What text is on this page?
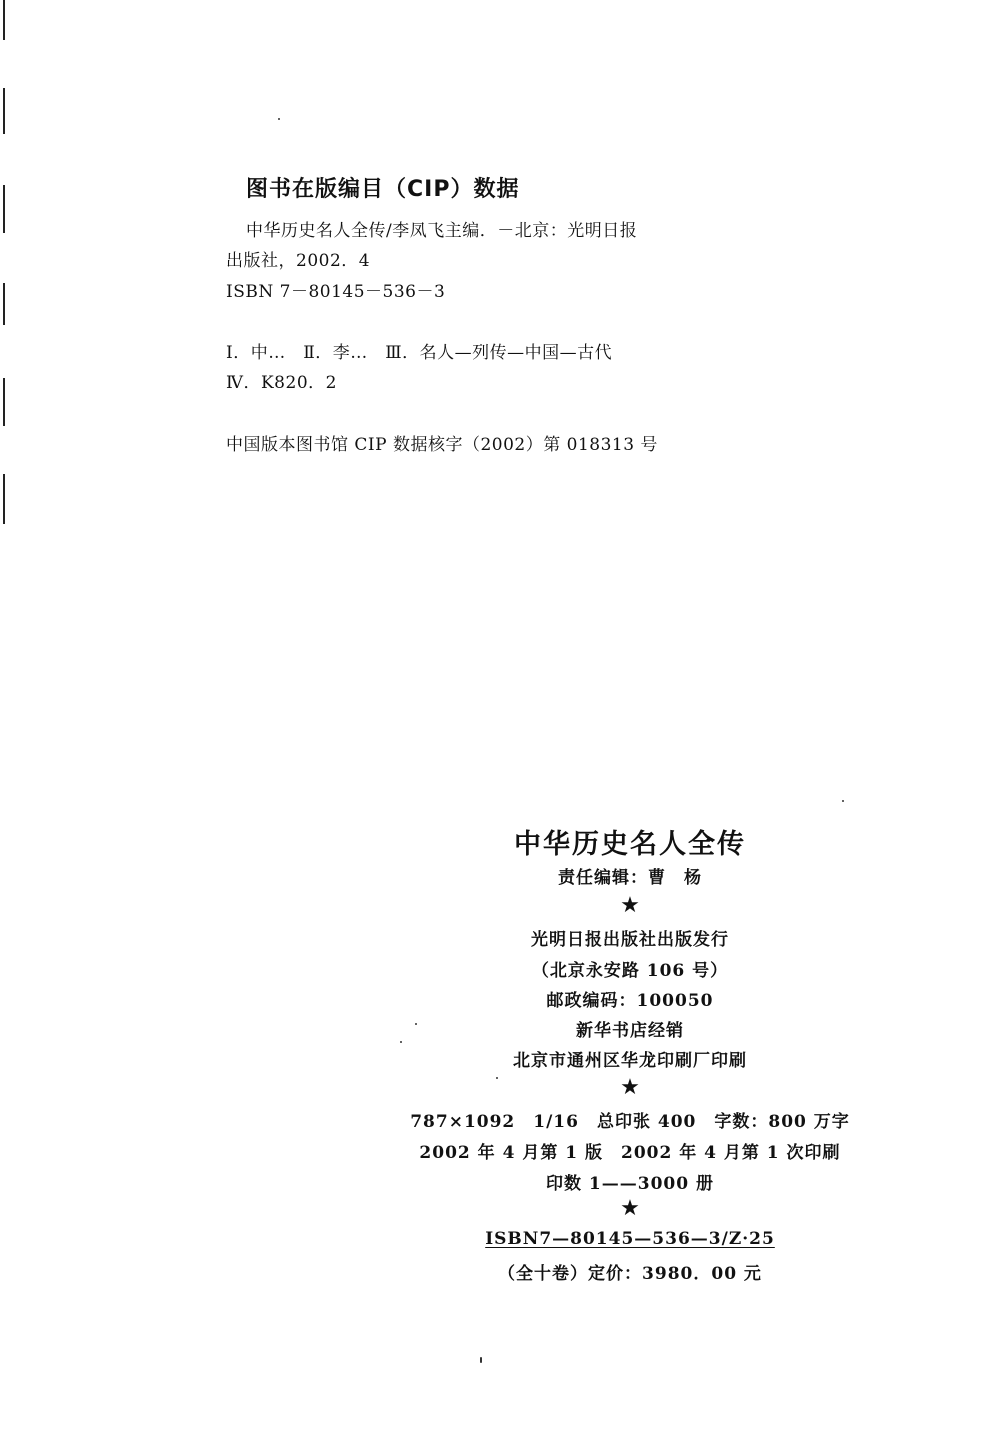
图书在版编目（CIP）数据
中华历史名人全传/李凤飞主编．－北京：光明日报
出版社，2002．4
ISBN 7－80145－536－3
Ⅰ．中…　Ⅱ．李…　Ⅲ．名人—列传—中国—古代
Ⅳ．K820．2
中国版本图书馆 CIP 数据核字（2002）第 018313 号
中华历史名人全传
责任编辑：曹　杨
★
光明日报出版社出版发行
（北京永安路 106 号）
邮政编码：100050
新华书店经销
北京市通州区华龙印刷厂印刷
★
787×1092　1/16　总印张 400　字数：800 万字
2002 年 4 月第 1 版　2002 年 4 月第 1 次印刷
印数 1——3000 册
★
ISBN7—80145—536—3/Z·25
（全十卷）定价：3980．00 元
